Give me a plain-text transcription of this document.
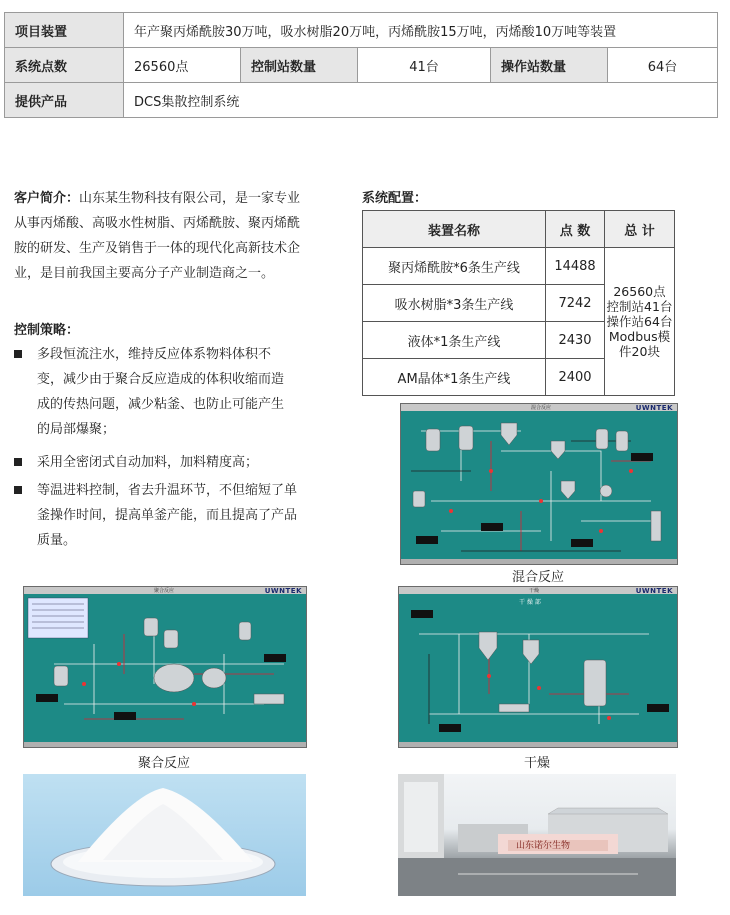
项目装置	年产聚丙烯酰胺30万吨，吸水树脂20万吨，丙烯酰胺15万吨，丙烯酸10万吨等装置				
系统点数	26560点	控制站数量	41台	操作站数量	64台
提供产品	DCS集散控制系统				
客户简介：山东某生物科技有限公司，是一家专业
从事丙烯酸、高吸水性树脂、丙烯酰胺、聚丙烯酰
胺的研发、生产及销售于一体的现代化高新技术企
业，是目前我国主要高分子产业制造商之一。
控制策略：
多段恒流注水，维持反应体系物料体积不
变，减少由于聚合反应造成的体积收缩而造
成的传热问题，减少粘釜、也防止可能产生
的局部爆聚；
采用全密闭式自动加料，加料精度高；
等温进料控制，省去升温环节，不但缩短了单
釜操作时间，提高单釜产能，而且提高了产品
质量。
系统配置：
装置名称	点 数	总 计
聚丙烯酰胺*6条生产线	14488	26560点
控制站41台
操作站64台
Modbus模件20块

吸水树脂*3条生产线	7242	
液体*1条生产线	2430	
AM晶体*1条生产线	2400	
混合反应	UWNTEK
混合反应
聚合反应	UWNTEK
聚合反应
干燥	UWNTEK
干 燥 部
干燥
山东诺尔生物
